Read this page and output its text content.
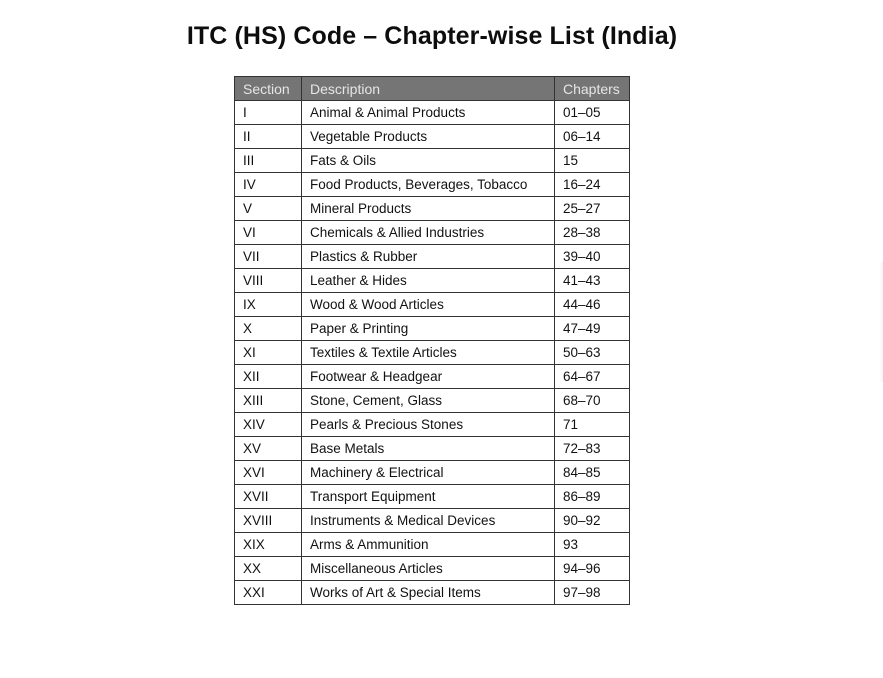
ITC (HS) Code – Chapter-wise List (India)
Section	Description	Chapters
I	Animal & Animal Products	01–05
II	Vegetable Products	06–14
III	Fats & Oils	15
IV	Food Products, Beverages, Tobacco	16–24
V	Mineral Products	25–27
VI	Chemicals & Allied Industries	28–38
VII	Plastics & Rubber	39–40
VIII	Leather & Hides	41–43
IX	Wood & Wood Articles	44–46
X	Paper & Printing	47–49
XI	Textiles & Textile Articles	50–63
XII	Footwear & Headgear	64–67
XIII	Stone, Cement, Glass	68–70
XIV	Pearls & Precious Stones	71
XV	Base Metals	72–83
XVI	Machinery & Electrical	84–85
XVII	Transport Equipment	86–89
XVIII	Instruments & Medical Devices	90–92
XIX	Arms & Ammunition	93
XX	Miscellaneous Articles	94–96
XXI	Works of Art & Special Items	97–98
